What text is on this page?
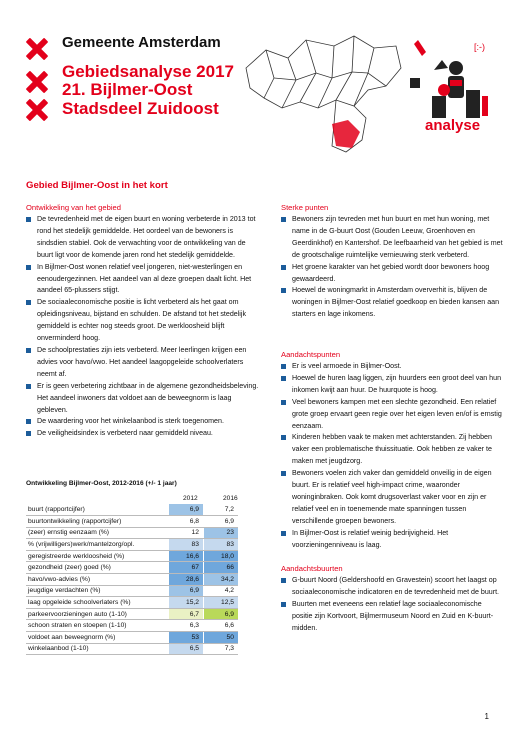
Gemeente Amsterdam
Gebiedsanalyse 2017
21. Bijlmer-Oost
Stadsdeel Zuidoost
[:-)
analyse
Gebied Bijlmer-Oost in het kort
Ontwikkeling van het gebied
De tevredenheid met de eigen buurt en woning verbeterde in 2013 tot rond het stedelijk gemiddelde. Het oordeel van de bewoners is sindsdien stabiel. Ook de verwachting voor de ontwikkeling van de buurt ligt voor de komende jaren rond het stedelijk gemiddelde.
In Bijlmer-Oost wonen relatief veel jongeren, niet-westerlingen en eenoudergezinnen. Het aandeel van al deze groepen daalt licht. Het aandeel 65-plussers stijgt.
De sociaaleconomische positie is licht verbeterd als het gaat om opleidingsniveau, bijstand en schulden. De afstand tot het stedelijk gemiddeld is echter nog steeds groot. De werkloosheid blijft onverminderd hoog.
De schoolprestaties zijn iets verbeterd. Meer leerlingen krijgen een advies voor havo/vwo. Het aandeel laagopgeleide schoolverlaters neemt af.
Er is geen verbetering zichtbaar in de algemene gezondheidsbeleving. Het aandeel inwoners dat voldoet aan de beweegnorm is laag gebleven.
De waardering voor het winkelaanbod is sterk toegenomen.
De veiligheidsindex is verbeterd naar gemiddeld niveau.
Ontwikkeling Bijlmer-Oost, 2012-2016 (+/- 1 jaar)
2012	2016
buurt (rapportcijfer)	6,9		7,2
buurtontwikkeling (rapportcijfer)	6,8		6,9
(zeer) ernstig eenzaam (%)	12		23
% (vrijwilligers)werk/mantelzorg/opl.	83		83
geregistreerde werkloosheid (%)	16,6		18,0
gezondheid (zeer) goed (%)	67		66
havo/vwo-advies (%)	28,6		34,2
jeugdige verdachten (%)	6,9		4,2
laag opgeleide schoolverlaters (%)	15,2		12,5
parkeervoorzieningen auto (1-10)	6,7		6,9
schoon straten en stoepen (1-10)	6,3		6,6
voldoet aan beweegnorm (%)	53		50
winkelaanbod (1-10)	6,5		7,3
Sterke punten
Bewoners zijn tevreden met hun buurt en met hun woning, met name in de G-buurt Oost (Gouden Leeuw, Groenhoven en Geerdinkhof) en Kantershof. De leefbaarheid van het gebied is met de grootschalige ruimtelijke vernieuwing sterk verbeterd.
Het groene karakter van het gebied wordt door bewoners hoog gewaardeerd.
Hoewel de woningmarkt in Amsterdam oververhit is, blijven de woningen in Bijlmer-Oost relatief goedkoop en bieden kansen aan starters en lage inkomens.
Aandachtspunten
Er is veel armoede in Bijlmer-Oost.
Hoewel de huren laag liggen, zijn huurders een groot deel van hun inkomen kwijt aan huur. De huurquote is hoog.
Veel bewoners kampen met een slechte gezondheid. Een relatief grote groep ervaart geen regie over het eigen leven en/of is ernstig eenzaam.
Kinderen hebben vaak te maken met achterstanden. Zij hebben vaker een problematische thuissituatie. Ook hebben ze vaker te maken met jeugdzorg.
Bewoners voelen zich vaker dan gemiddeld onveilig in de eigen buurt. Er is relatief veel high-impact crime, waaronder woninginbraken. Ook komt drugsoverlast vaker voor en zijn er relatief veel en in toenemende mate spanningen tussen verschillende groepen bewoners.
In Bijlmer-Oost is relatief weinig bedrijvigheid. Het voorzieningenniveau is laag.
Aandachtsbuurten
G-buurt Noord (Geldershoofd en Gravestein) scoort het laagst op sociaaleconomische indicatoren en de tevredenheid met de buurt.
Buurten met eveneens een relatief lage sociaaleconomische positie zijn Kortvoort, Bijlmermuseum Noord en Zuid en K-buurt-midden.
1
